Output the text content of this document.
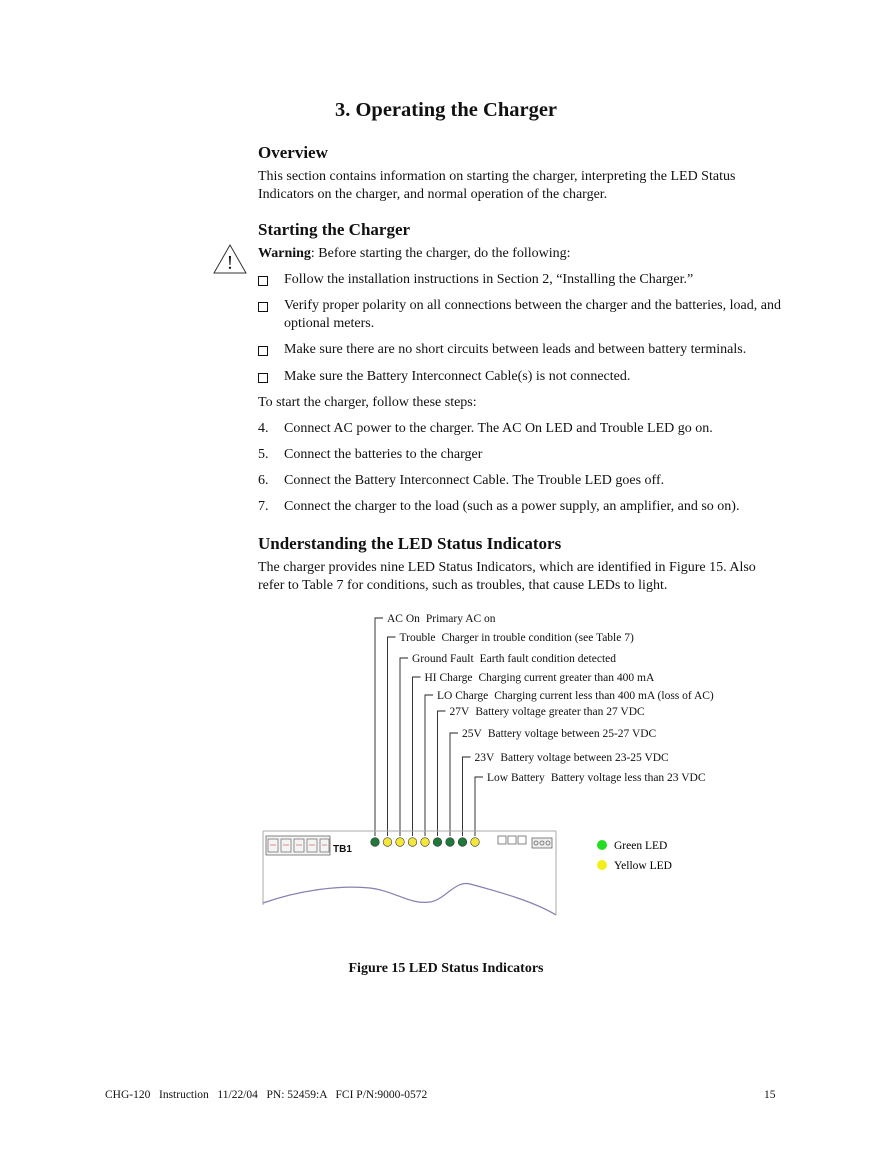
3. Operating the Charger
Overview
This section contains information on starting the charger, interpreting the LED Status Indicators on the charger, and normal operation of the charger.
Starting the Charger
! Warning: Before starting the charger, do the following:
Follow the installation instructions in Section 2, “Installing the Charger.”
Verify proper polarity on all connections between the charger and the batteries, load, and optional meters.
Make sure there are no short circuits between leads and between battery terminals.
Make sure the Battery Interconnect Cable(s) is not connected.
To start the charger, follow these steps:
4. Connect AC power to the charger. The AC On LED and Trouble LED go on.
5. Connect the batteries to the charger
6. Connect the Battery Interconnect Cable. The Trouble LED goes off.
7. Connect the charger to the load (such as a power supply, an amplifier, and so on).
Understanding the LED Status Indicators
The charger provides nine LED Status Indicators, which are identified in Figure 15. Also refer to Table 7 for conditions, such as troubles, that cause LEDs to light.
AC On Primary AC on
Trouble Charger in trouble condition (see Table 7)
Ground Fault Earth fault condition detected
HI Charge Charging current greater than 400 mA
LO Charge Charging current less than 400 mA (loss of AC)
27V Battery voltage greater than 27 VDC
25V Battery voltage between 25-27 VDC
23V Battery voltage between 23-25 VDC
Low Battery Battery voltage less than 23 VDC
TB1	Green LED
Yellow LED
Figure 15 LED Status Indicators
CHG-120   Instruction   11/22/04   PN: 52459:A   FCI P/N:9000-0572	15
